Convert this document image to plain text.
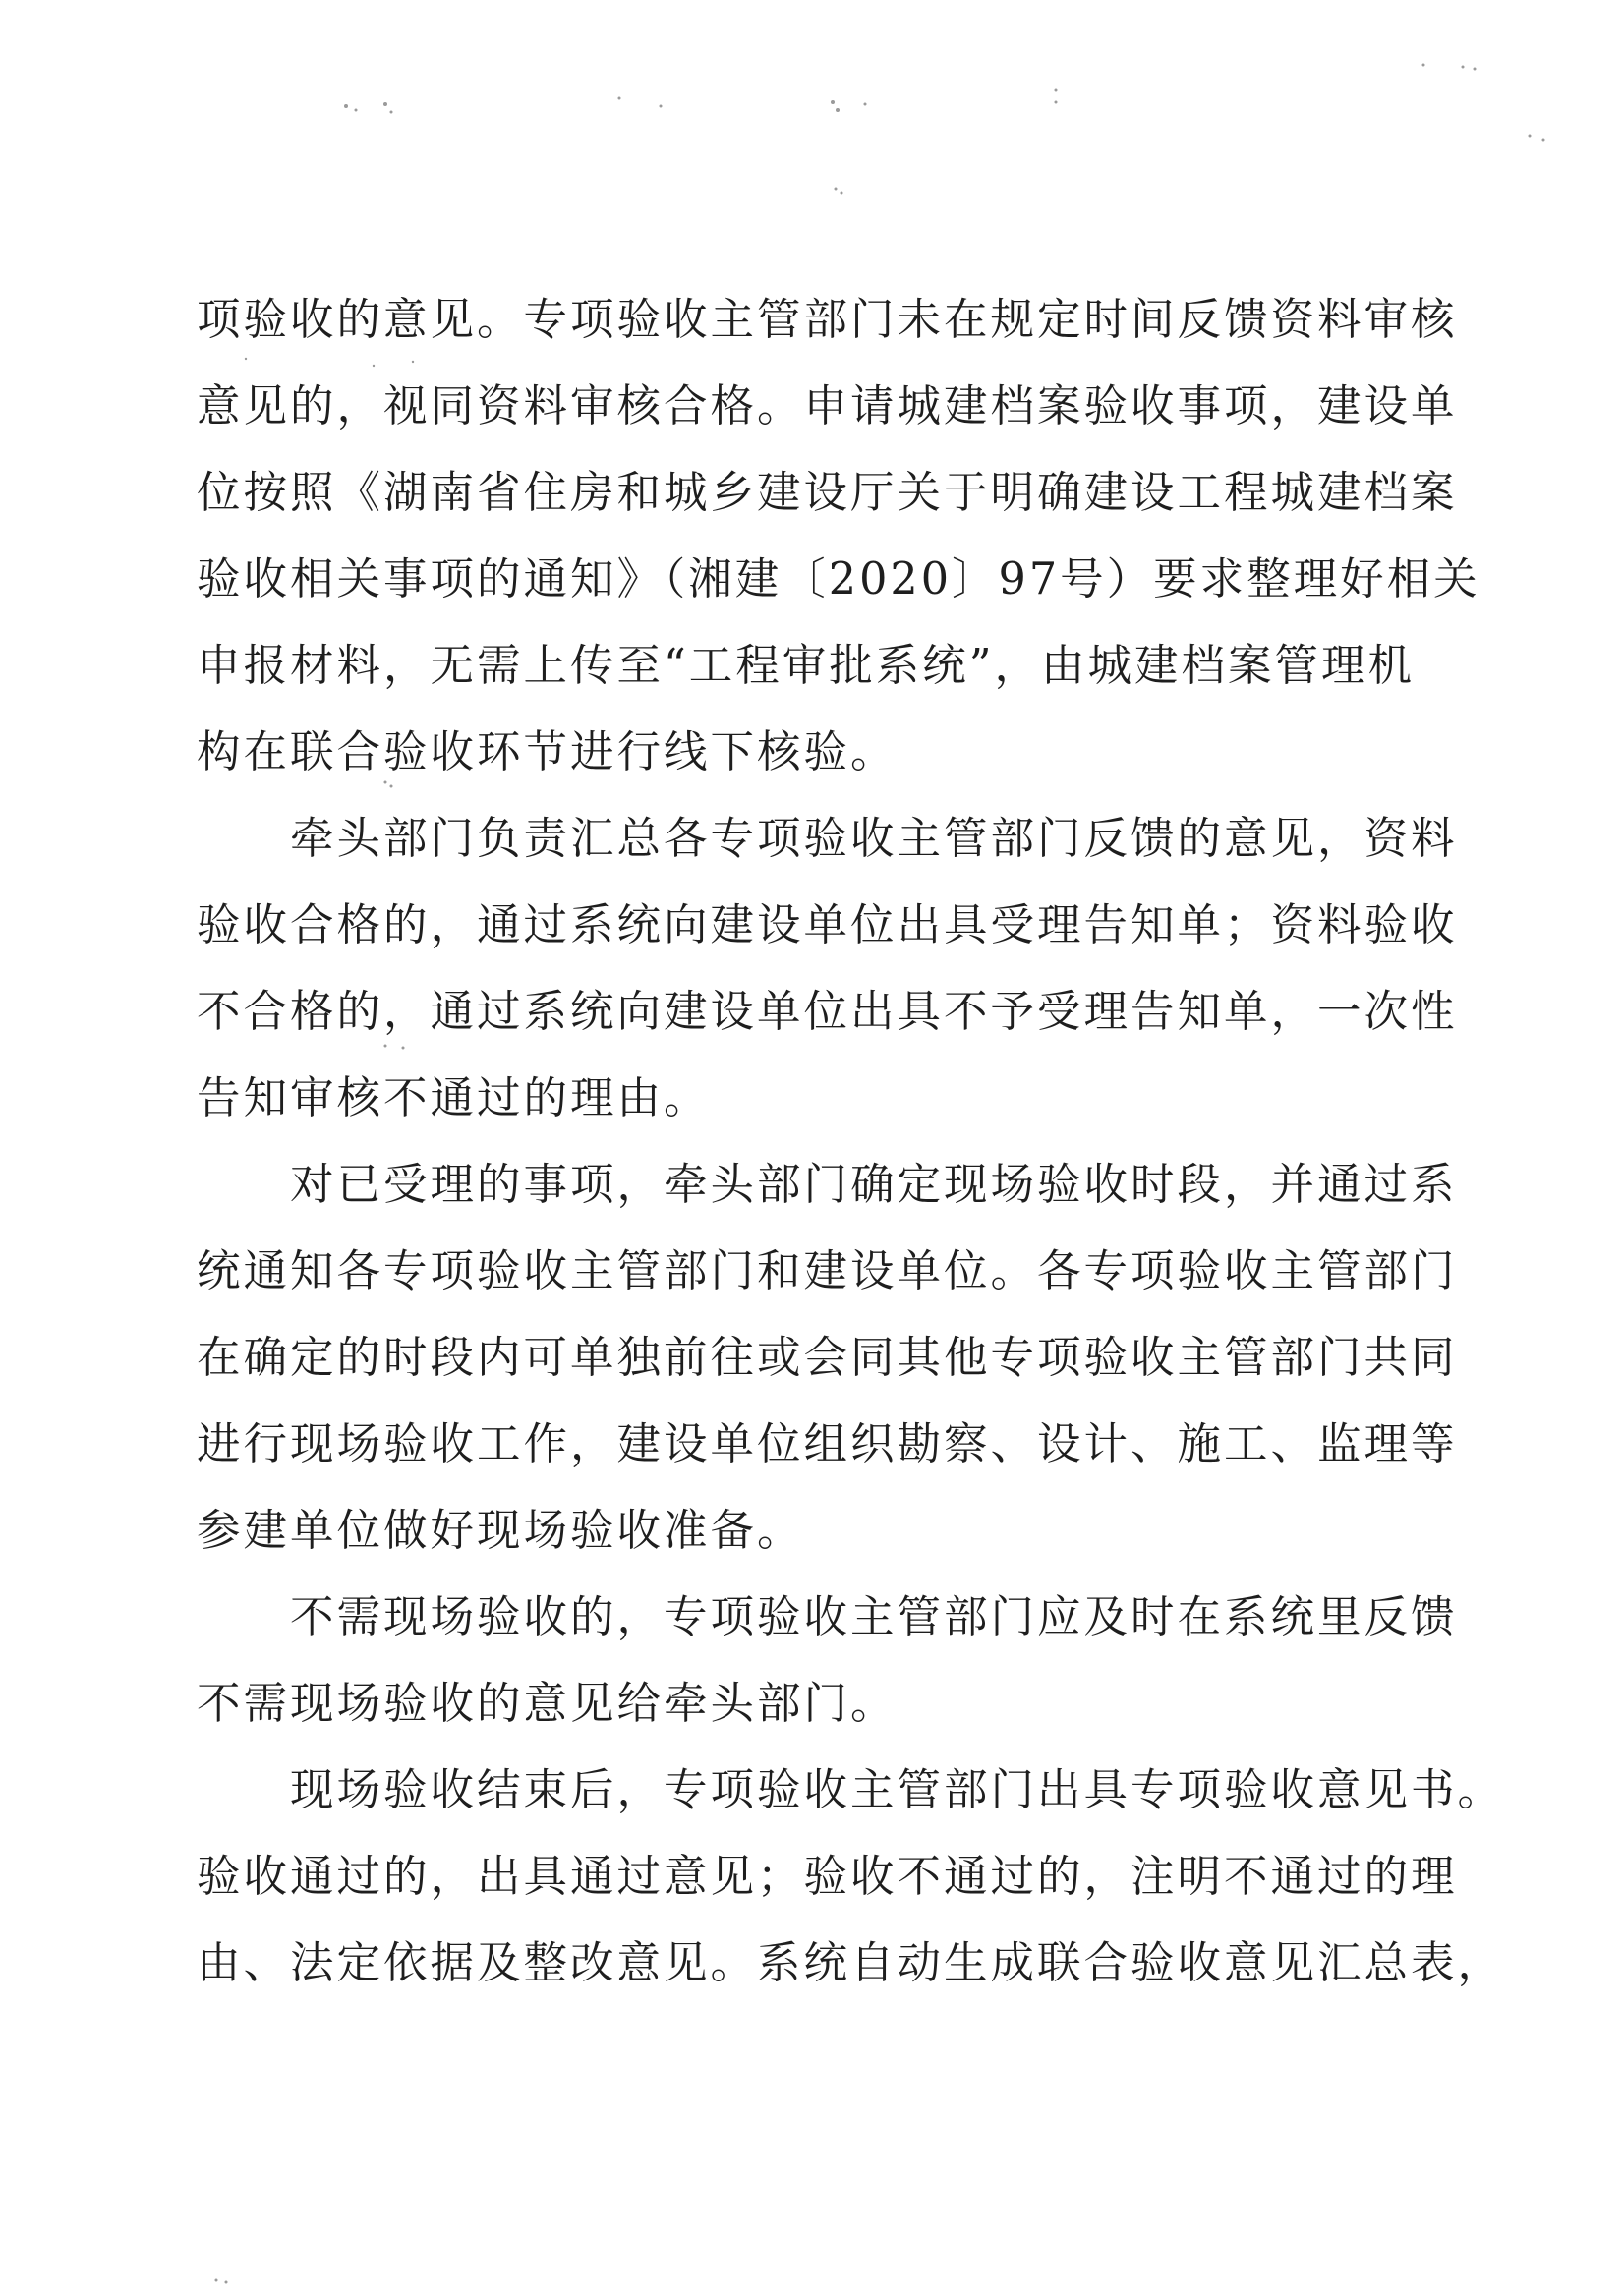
项验收的意见。专项验收主管部门未在规定时间反馈资料审核
意见的，视同资料审核合格。申请城建档案验收事项，建设单
位按照《湖南省住房和城乡建设厅关于明确建设工程城建档案
验收相关事项的通知》（湘建〔2020〕97号）要求整理好相关
申报材料，无需上传至“工程审批系统”，由城建档案管理机
构在联合验收环节进行线下核验。
牵头部门负责汇总各专项验收主管部门反馈的意见，资料
验收合格的，通过系统向建设单位出具受理告知单；资料验收
不合格的，通过系统向建设单位出具不予受理告知单，一次性
告知审核不通过的理由。
对已受理的事项，牵头部门确定现场验收时段，并通过系
统通知各专项验收主管部门和建设单位。各专项验收主管部门
在确定的时段内可单独前往或会同其他专项验收主管部门共同
进行现场验收工作，建设单位组织勘察、设计、施工、监理等
参建单位做好现场验收准备。
不需现场验收的，专项验收主管部门应及时在系统里反馈
不需现场验收的意见给牵头部门。
现场验收结束后，专项验收主管部门出具专项验收意见书。
验收通过的，出具通过意见；验收不通过的，注明不通过的理
由、法定依据及整改意见。系统自动生成联合验收意见汇总表，
